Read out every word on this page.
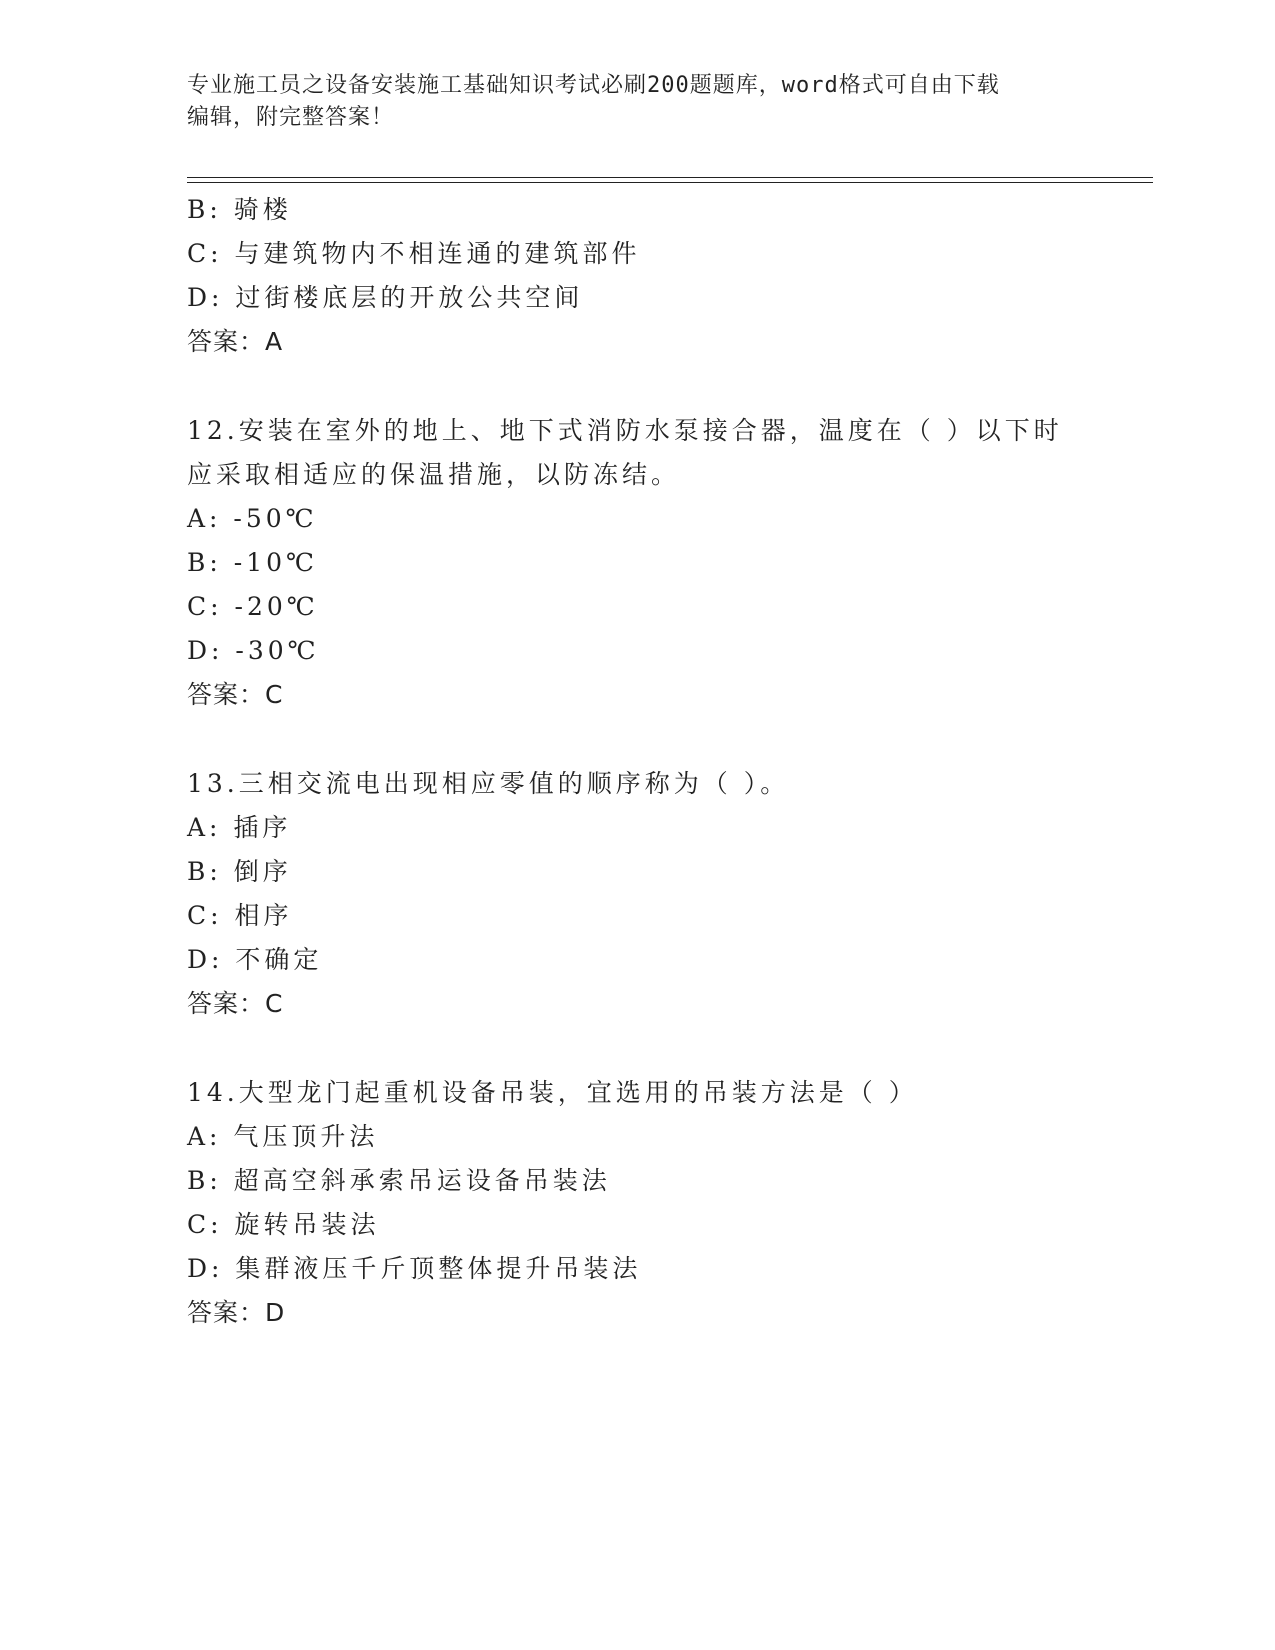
专业施工员之设备安装施工基础知识考试必刷200题题库，word格式可自由下载
编辑，附完整答案！
B: 骑楼
C: 与建筑物内不相连通的建筑部件
D: 过街楼底层的开放公共空间
答案：A
12.安装在室外的地上、地下式消防水泵接合器，温度在（ ）以下时
应采取相适应的保温措施，以防冻结。
A: -50℃
B: -10℃
C: -20℃
D: -30℃
答案：C
13.三相交流电出现相应零值的顺序称为（ ）。
A: 插序
B: 倒序
C: 相序
D: 不确定
答案：C
14.大型龙门起重机设备吊装，宜选用的吊装方法是（ ）
A: 气压顶升法
B: 超高空斜承索吊运设备吊装法
C: 旋转吊装法
D: 集群液压千斤顶整体提升吊装法
答案：D
